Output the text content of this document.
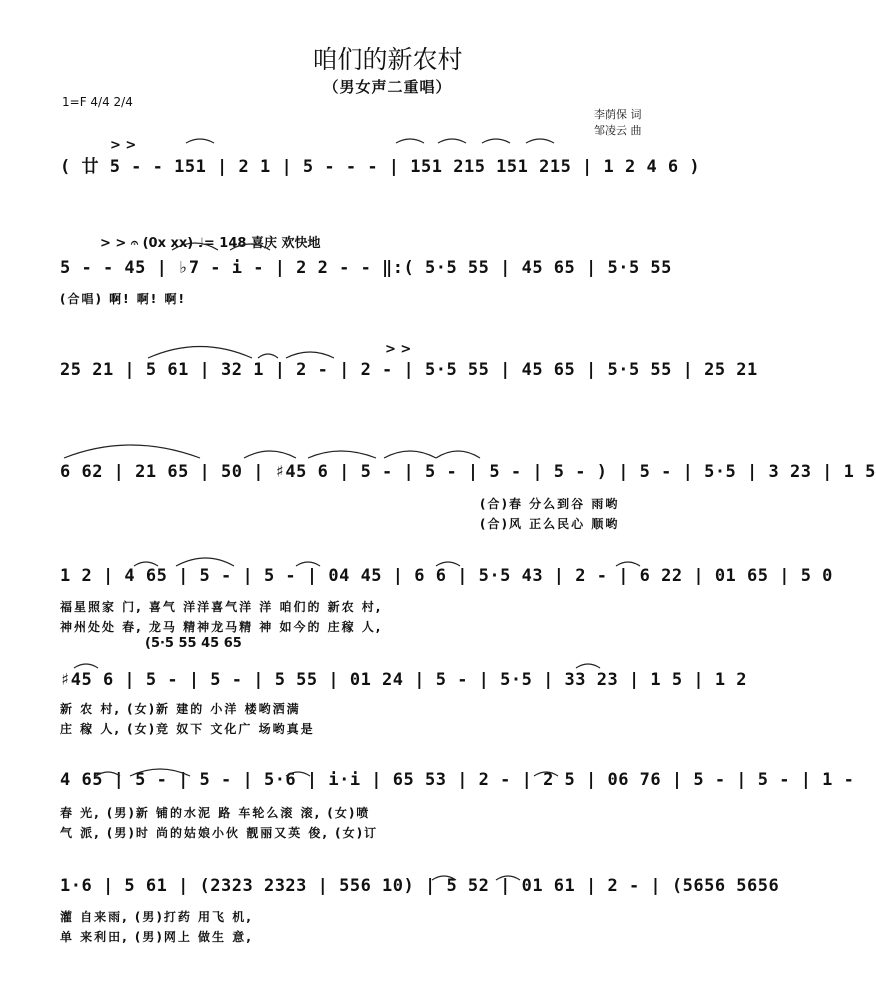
咱们的新农村
（男女声二重唱）
1=F 4/4 2/4
李荫保 词
邹凌云 曲
> >
( 廿 5 - - 151 | 2 1 | 5 - - - | 151 215 151 215 | 1 2 4 6 )
> > 𝄐 (0x xx) ♩= 148 喜庆 欢快地
5 - - 45 | ♭7 - i - | 2 2 - - ‖:( 5·5 55 | 45 65 | 5·5 55
(合唱) 啊! 啊! 啊!
> >
25 21 | 5 61 | 32 1 | 2 - | 2 - | 5·5 55 | 45 65 | 5·5 55 | 25 21
6 62 | 21 65 | 50 | ♯45 6 | 5 - | 5 - | 5 - | 5 - ) | 5 - | 5·5 | 3 23 | 1 5
(合)春 分么到谷 雨哟
(合)风 正么民心 顺哟
1 2 | 4 65 | 5 - | 5 - | 04 45 | 6 6 | 5·5 43 | 2 - | 6 22 | 01 65 | 5 0
福星照家 门, 喜气 洋洋喜气洋 洋 咱们的 新农 村,
神州处处 春, 龙马 精神龙马精 神 如今的 庄稼 人,
(5·5 55 45 65
♯45 6 | 5 - | 5 - | 5 55 | 01 24 | 5 - | 5·5 | 33 23 | 1 5 | 1 2
新 农 村, (女)新 建的 小洋 楼哟洒满
庄 稼 人, (女)竞 奴下 文化广 场哟真是
4 65 | 5 - | 5 - | 5·6 | i·i | 65 53 | 2 - | 2 5 | 06 76 | 5 - | 5 - | 1 -
春 光, (男)新 铺的水泥 路 车轮么滚 滚, (女)喷
气 派, (男)时 尚的姑娘小伙 靓丽又英 俊, (女)订
1·6 | 5 61 | (2323 2323 | 556 10) | 5 52 | 01 61 | 2 - | (5656 5656
灌 自来雨, (男)打药 用飞 机,
单 来利田, (男)网上 做生 意,
